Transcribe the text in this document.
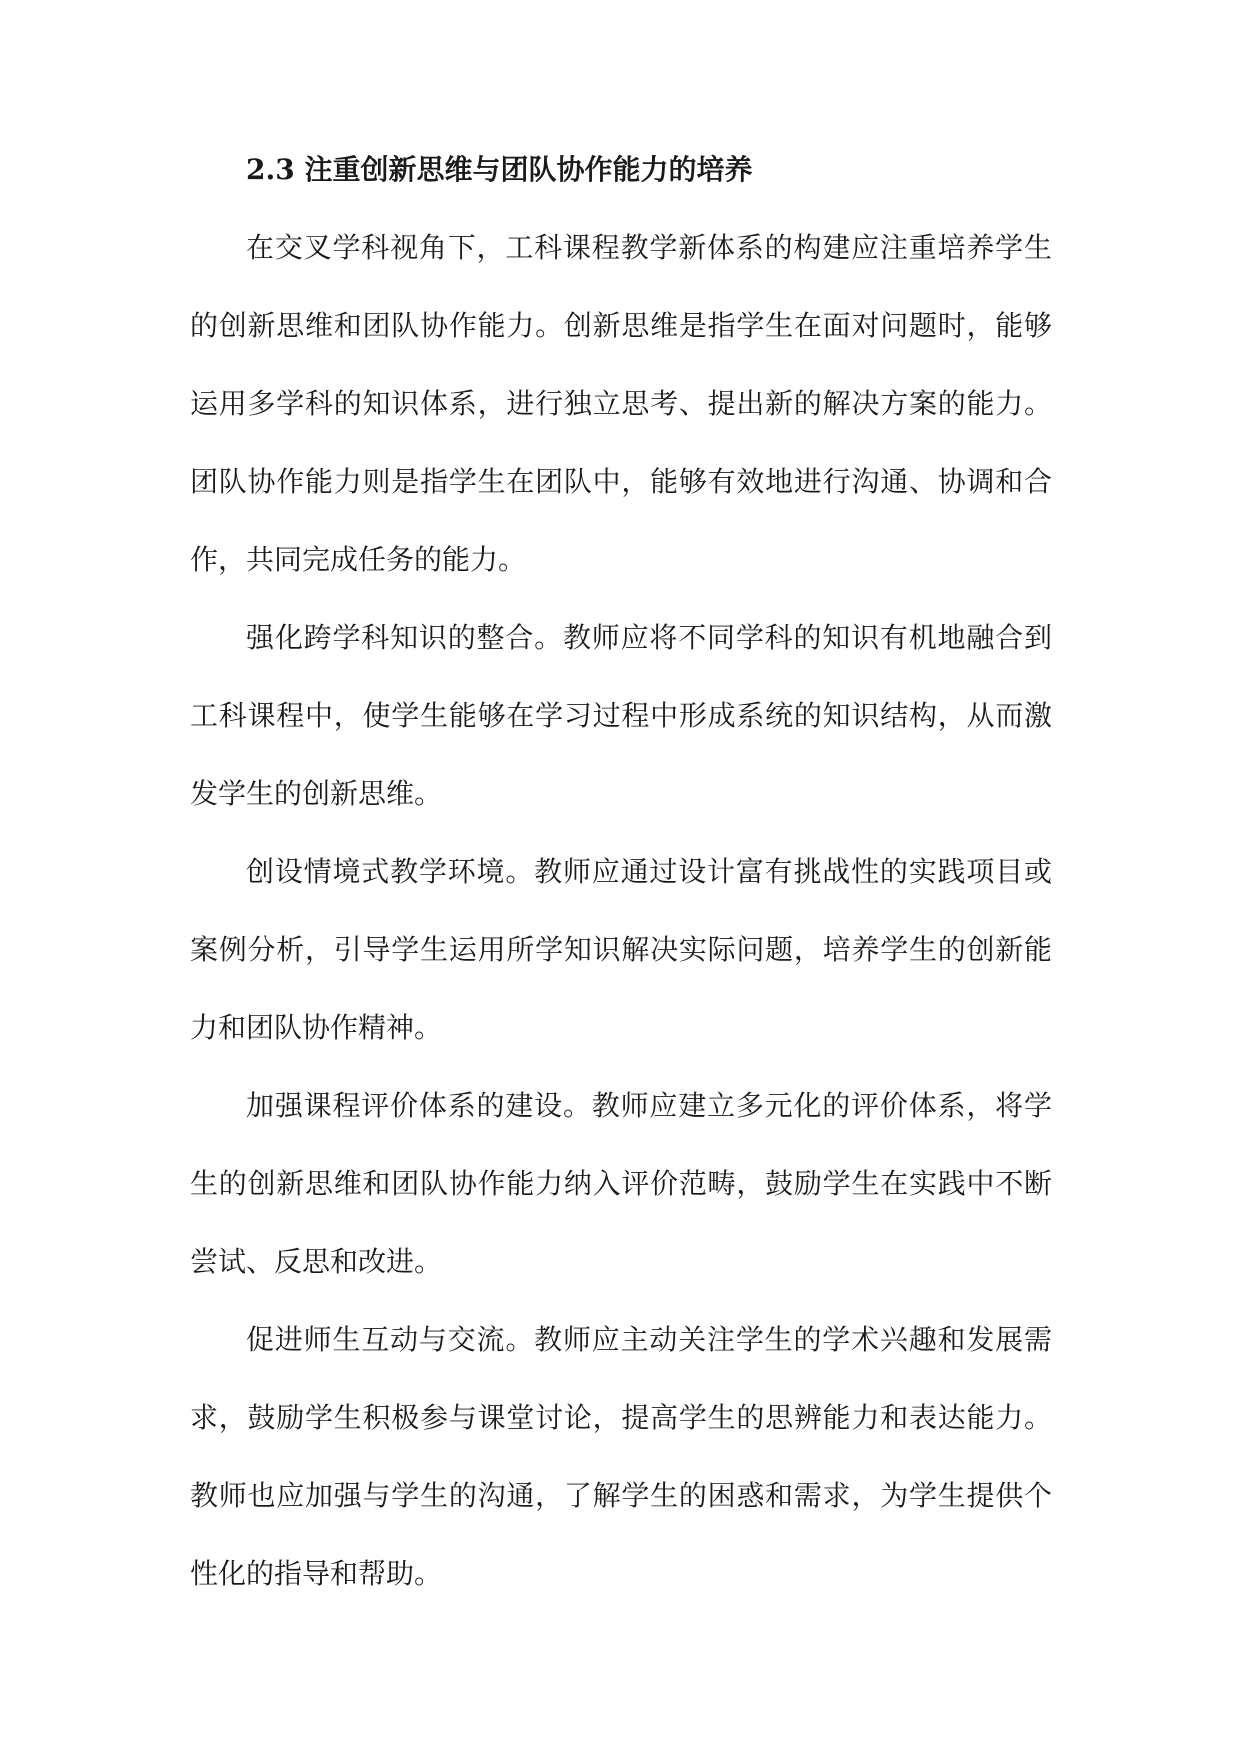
2.3 注重创新思维与团队协作能力的培养
在交叉学科视角下，工科课程教学新体系的构建应注重培养学生
的创新思维和团队协作能力。创新思维是指学生在面对问题时，能够
运用多学科的知识体系，进行独立思考、提出新的解决方案的能力。
团队协作能力则是指学生在团队中，能够有效地进行沟通、协调和合
作，共同完成任务的能力。
强化跨学科知识的整合。教师应将不同学科的知识有机地融合到
工科课程中，使学生能够在学习过程中形成系统的知识结构，从而激
发学生的创新思维。
创设情境式教学环境。教师应通过设计富有挑战性的实践项目或
案例分析，引导学生运用所学知识解决实际问题，培养学生的创新能
力和团队协作精神。
加强课程评价体系的建设。教师应建立多元化的评价体系，将学
生的创新思维和团队协作能力纳入评价范畴，鼓励学生在实践中不断
尝试、反思和改进。
促进师生互动与交流。教师应主动关注学生的学术兴趣和发展需
求，鼓励学生积极参与课堂讨论，提高学生的思辨能力和表达能力。
教师也应加强与学生的沟通，了解学生的困惑和需求，为学生提供个
性化的指导和帮助。
